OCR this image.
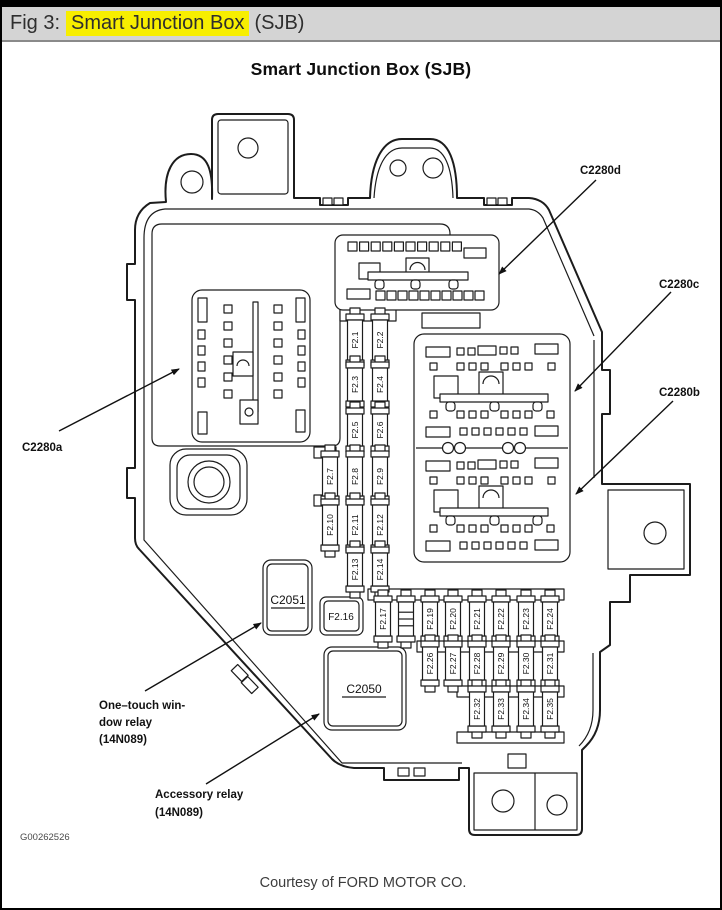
Fig 3: Smart Junction Box (SJB)
Smart Junction Box (SJB)
F2.1 F2.2
F2.3 F2.4
F2.5 F2.6
F2.7 F2.8 F2.9
F2.10 F2.11 F2.12
F2.13 F2.14
F2.17	F2.19 F2.20 F2.21 F2.22 F2.23 F2.24
F2.26 F2.27 F2.28 F2.29 F2.30 F2.31
F2.32 F2.33 F2.34 F2.35
C2280d
C2280c
C2280b
C2280a
C2051
C2050
F2.16
One–touch win-
dow relay
(14N089)
Accessory relay
(14N089)
G00262526
Courtesy of FORD MOTOR CO.
